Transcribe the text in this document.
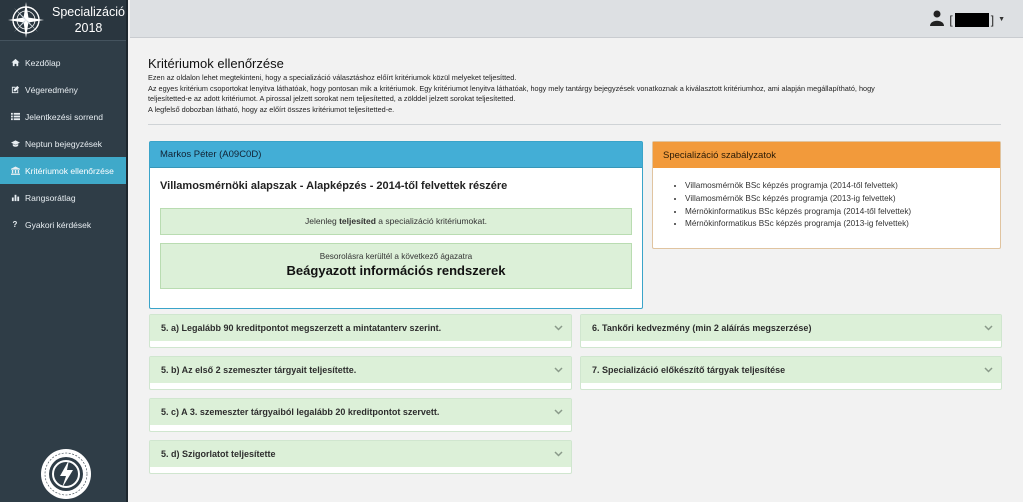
Specializáció
2018
Kezdőlap
Végeredmény
Jelentkezési sorrend
Neptun bejegyzések
Kritériumok ellenőrzése
Rangsorátlag
? Gyakori kérdések
[	] ▼
Kritériumok ellenőrzése
Ezen az oldalon lehet megtekinteni, hogy a specializáció választáshoz előírt kritériumok közül melyeket teljesítted.
Az egyes kritérium csoportokat lenyitva láthatóak, hogy pontosan mik a kritériumok. Egy kritériumot lenyitva láthatóak, hogy mely tantárgy bejegyzések vonatkoznak a kiválasztott kritériumhoz, ami alapján megállapítható, hogy
teljesítetted-e az adott kritériumot. A pirossal jelzett sorokat nem teljesítetted, a zölddel jelzett sorokat teljesítetted.
A legfelső dobozban látható, hogy az előírt összes kritériumot teljesítetted-e.
Markos Péter (A09C0D)
Villamosmérnöki alapszak - Alapképzés - 2014-től felvettek részére
Jelenleg teljesíted a specializáció kritériumokat.
Besorolásra kerültél a következő ágazatra
Beágyazott információs rendszerek
Specializáció szabályzatok
• Villamosmérnök BSc képzés programja (2014-től felvettek)
• Villamosmérnök BSc képzés programja (2013-ig felvettek)
• Mérnökinformatikus BSc képzés programja (2014-től felvettek)
• Mérnökinformatikus BSc képzés programja (2013-ig felvettek)
5. a) Legalább 90 kreditpontot megszerzett a mintatanterv szerint.
5. b) Az első 2 szemeszter tárgyait teljesítette.
5. c) A 3. szemeszter tárgyaiból legalább 20 kreditpontot szervett.
5. d) Szigorlatot teljesítette
6. Tankőri kedvezmény (min 2 aláírás megszerzése)
7. Specializáció előkészítő tárgyak teljesítése
